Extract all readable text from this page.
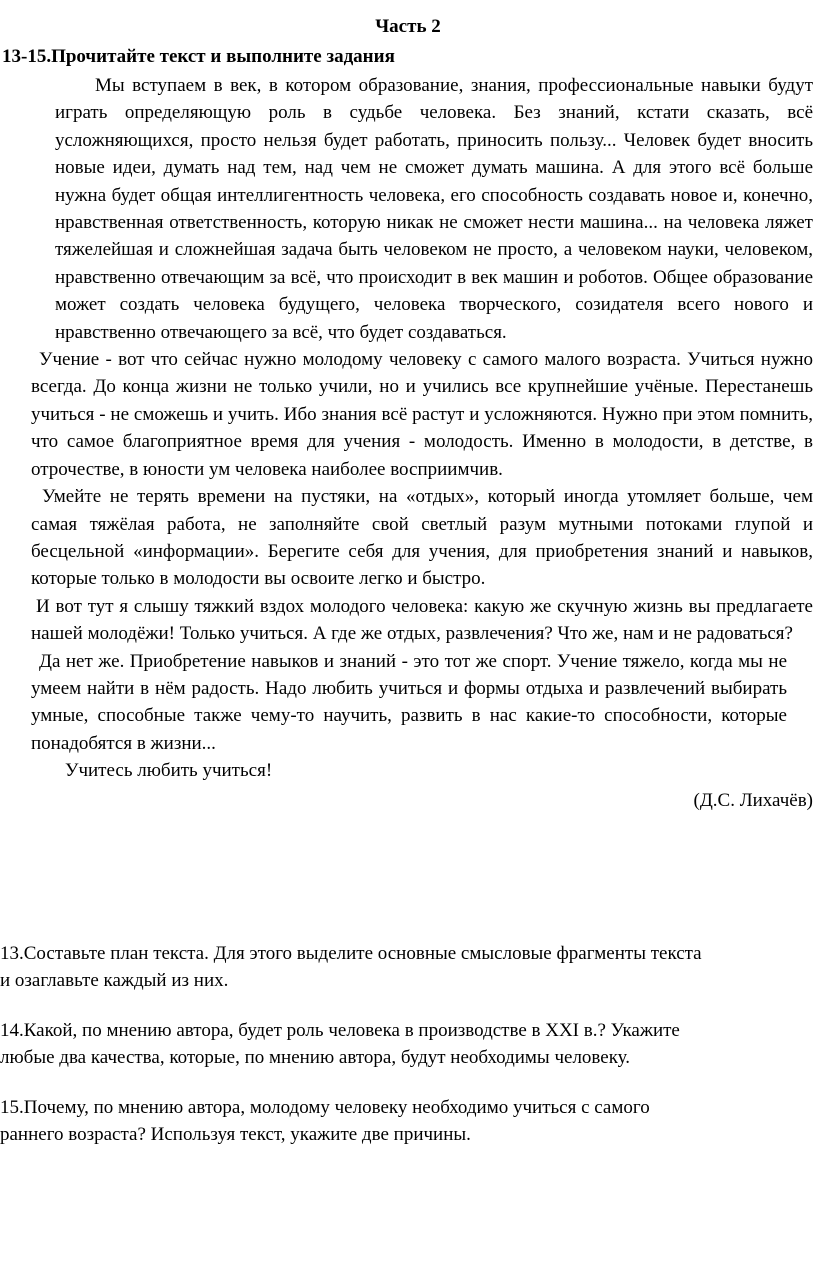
Часть 2
13-15.Прочитайте текст и выполните задания

Мы вступаем в век, в котором образование, знания, профессиональные навыки будут играть определяющую роль в судьбе человека. Без знаний, кстати сказать, всё усложняющихся, просто нельзя будет работать, приносить пользу... Человек будет вносить новые идеи, думать над тем, над чем не сможет думать машина. А для этого всё больше нужна будет общая интеллигентность человека, его способность создавать новое и, конечно, нравственная ответственность, которую никак не сможет нести машина... на человека ляжет тяжелейшая и сложнейшая задача быть человеком не просто, а человеком науки, человеком, нравственно отвечающим за всё, что происходит в век машин и роботов. Общее образование может создать человека будущего, человека творческого, созидателя всего нового и нравственно отвечающего за всё, что будет создаваться.

Учение - вот что сейчас нужно молодому человеку с самого малого возраста. Учиться нужно всегда. До конца жизни не только учили, но и учились все крупнейшие учёные. Перестанешь учиться - не сможешь и учить. Ибо знания всё растут и усложняются. Нужно при этом помнить, что самое благоприятное время для учения - молодость. Именно в молодости, в детстве, в отрочестве, в юности ум человека наиболее восприимчив.

Умейте не терять времени на пустяки, на «отдых», который иногда утомляет больше, чем самая тяжёлая работа, не заполняйте свой светлый разум мутными потоками глупой и бесцельной «информации». Берегите себя для учения, для приобретения знаний и навыков, которые только в молодости вы освоите легко и быстро.

И вот тут я слышу тяжкий вздох молодого человека: какую же скучную жизнь вы предлагаете нашей молодёжи! Только учиться. А где же отдых, развлечения? Что же, нам и не радоваться?

Да нет же. Приобретение навыков и знаний - это тот же спорт. Учение тяжело, когда мы не умеем найти в нём радость. Надо любить учиться и формы отдыха и развлечений выбирать умные, способные также чему-то научить, развить в нас какие-то способности, которые понадобятся в жизни...

Учитесь любить учиться!

(Д.С. Лихачёв)

13.Составьте план текста. Для этого выделите основные смысловые фрагменты текста
и озаглавьте каждый из них.

14.Какой, по мнению автора, будет роль человека в производстве в XXI в.? Укажите
любые два качества, которые, по мнению автора, будут необходимы человеку.

15.Почему, по мнению автора, молодому человеку необходимо учиться с самого
раннего возраста? Используя текст, укажите две причины.
